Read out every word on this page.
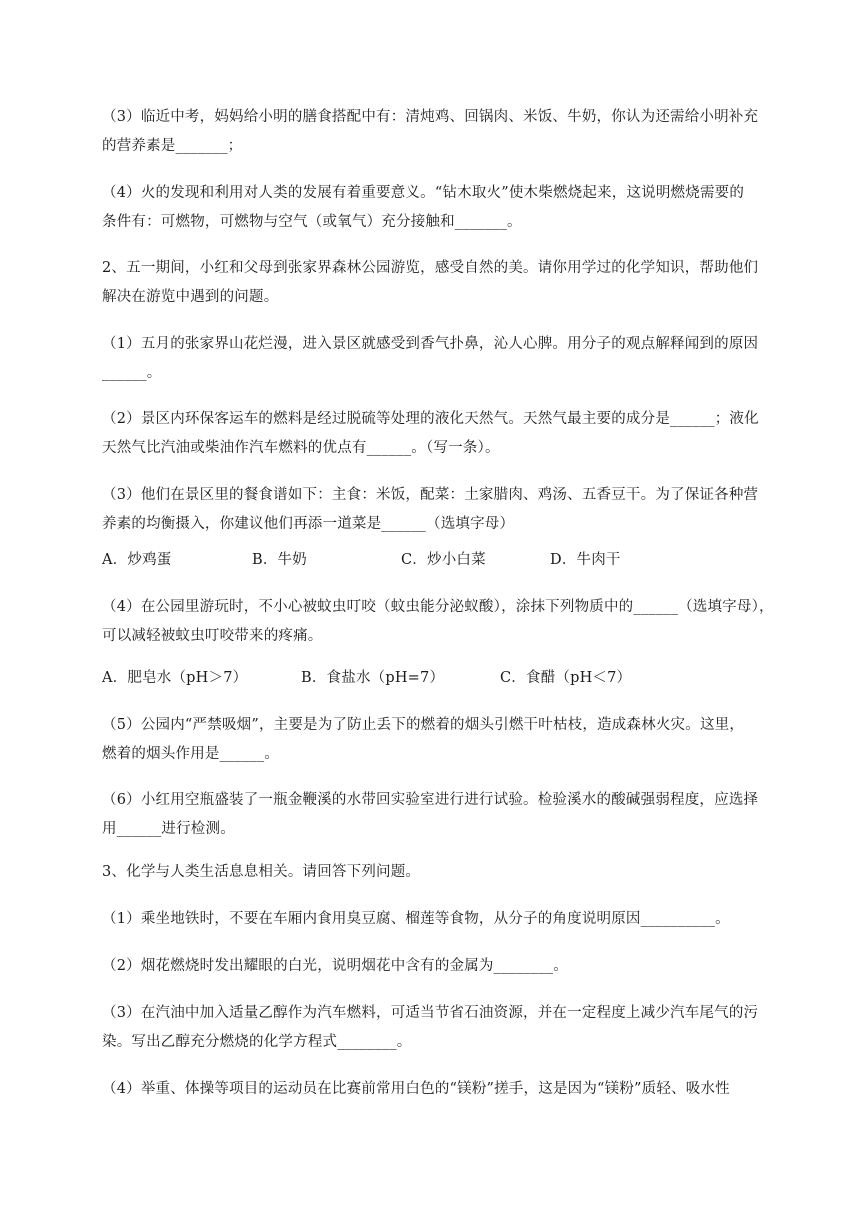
（3）临近中考，妈妈给小明的膳食搭配中有：清炖鸡、回锅肉、米饭、牛奶，你认为还需给小明补充
的营养素是_______；
（4）火的发现和利用对人类的发展有着重要意义。“钻木取火”使木柴燃烧起来，这说明燃烧需要的
条件有：可燃物，可燃物与空气（或氧气）充分接触和_______。
2、五一期间，小红和父母到张家界森林公园游览，感受自然的美。请你用学过的化学知识，帮助他们
解决在游览中遇到的问题。
（1）五月的张家界山花烂漫，进入景区就感受到香气扑鼻，沁人心脾。用分子的观点解释闻到的原因
______。
（2）景区内环保客运车的燃料是经过脱硫等处理的液化天然气。天然气最主要的成分是______；液化
天然气比汽油或柴油作汽车燃料的优点有______。（写一条）。
（3）他们在景区里的餐食谱如下：主食：米饭，配菜：土家腊肉、鸡汤、五香豆干。为了保证各种营
养素的均衡摄入，你建议他们再添一道菜是______（选填字母）
A．炒鸡蛋	B．牛奶	C．炒小白菜	D．牛肉干
（4）在公园里游玩时，不小心被蚊虫叮咬（蚊虫能分泌蚁酸），涂抹下列物质中的______（选填字母），
可以减轻被蚊虫叮咬带来的疼痛。
A．肥皂水（pH＞7）	B．食盐水（pH=7）	C．食醋（pH＜7）
（5）公园内“严禁吸烟”，主要是为了防止丢下的燃着的烟头引燃干叶枯枝，造成森林火灾。这里，
燃着的烟头作用是______。
（6）小红用空瓶盛装了一瓶金鞭溪的水带回实验室进行进行试验。检验溪水的酸碱强弱程度，应选择
用______进行检测。
3、化学与人类生活息息相关。请回答下列问题。
（1）乘坐地铁时，不要在车厢内食用臭豆腐、榴莲等食物，从分子的角度说明原因__________。
（2）烟花燃烧时发出耀眼的白光，说明烟花中含有的金属为________。
（3）在汽油中加入适量乙醇作为汽车燃料，可适当节省石油资源，并在一定程度上减少汽车尾气的污
染。写出乙醇充分燃烧的化学方程式________。
（4）举重、体操等项目的运动员在比赛前常用白色的“镁粉”搓手，这是因为“镁粉”质轻、吸水性
